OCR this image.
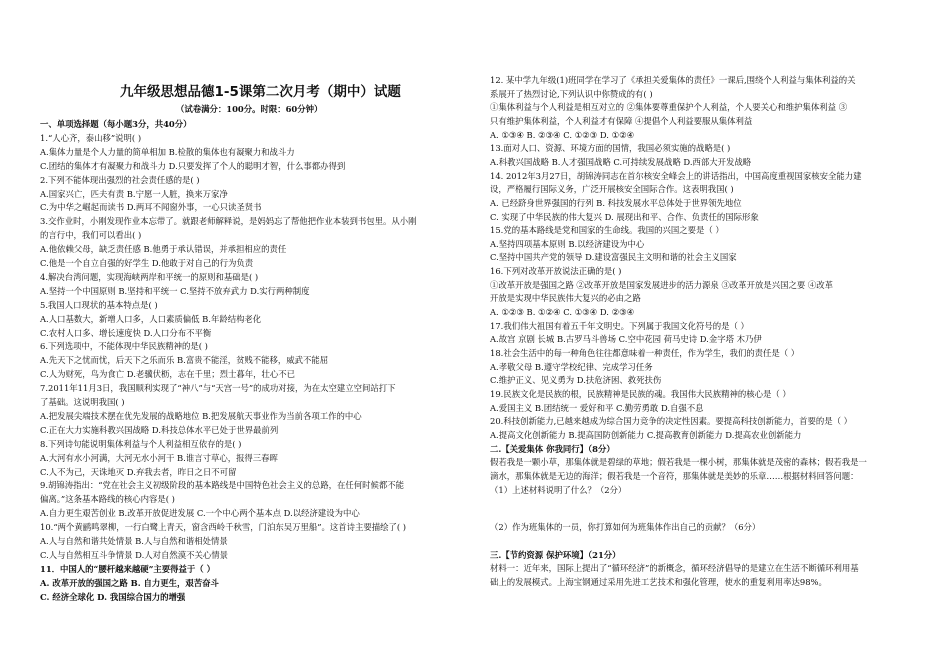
九年级思想品德1-5课第二次月考（期中）试题
（试卷满分：100分。时限：60分钟）
一、单项选择题（每小题3分，共40分）
1.“人心齐，泰山移”说明( )
A.集体力量是个人力量的简单相加 B.检散的集体也有凝聚力和战斗力
C.团结的集体才有凝聚力和战斗力 D.只要发挥了个人的聪明才智，什么事都办得到
2.下列不能体现出强烈的社会责任感的是( )
A.国家兴亡，匹夫有责 B.宁愿一人脏，换来万家净
C.为中华之崛起而读书 D.两耳不闻窗外事，一心只读圣贤书
3.交作业时，小刚发现作业本忘带了。就跟老师解释说，是妈妈忘了帮他把作业本装到书包里。从小刚
的言行中，我们可以看出( )
A.他依赖父母，缺乏责任感 B.他勇于承认错误，并承担相应的责任
C.他是一个自立自强的好学生 D.他敢于对自己的行为负责
4.解决台湾问题，实现海峡两岸和平统一的原则和基础是( )
A.坚持一个中国原则 B.坚持和平统一 C.坚持不放弃武力 D.实行两种制度
5.我国人口现状的基本特点是( )
A.人口基数大，新增人口多，人口素质偏低 B.年龄结构老化
C.农村人口多、增长速度快 D.人口分布不平衡
6.下列选项中，不能体现中华民族精神的是( )
A.先天下之忧而忧，后天下之乐而乐 B.富贵不能淫，贫贱不能移，威武不能屈
C.人为财死，鸟为食亡 D.老骥伏枥，志在千里；烈士暮年，壮心不已
7.2011年11月3日，我国顺利实现了“神八”与“天宫一号”的成功对接，为在太空建立空间站打下
了基础。这说明我国( )
A.把发展尖端技术摆在优先发展的战略地位 B.把发展航天事业作为当前各项工作的中心
C.正在大力实施科教兴国战略 D.科技总体水平已处于世界最前列
8.下列诗句能说明集体利益与个人利益相互依存的是( )
A.大河有水小河满，大河无水小河干 B.谁言寸草心，报得三春晖
C.人不为己，天诛地灭 D.弃我去者，昨日之日不可留
9.胡锦涛指出：“党在社会主义初级阶段的基本路线是中国特色社会主义的总路，在任何时候都不能
偏离。”这条基本路线的核心内容是( )
A.自力更生艰苦创业 B.改革开放促进发展 C.一个中心两个基本点 D.以经济建设为中心
10.“两个黄鹂鸣翠柳，一行白鹭上青天，窗含西岭千秋雪，门泊东吴万里船”。这首诗主要描绘了( )
A.人与自然和谐共处情景 B.人与自然和谐相处情景
C.人与自然相互斗争情景 D.人对自然漠不关心情景
11．中国人的“腰杆越来越硬”主要得益于（ ）
A. 改革开放的强国之路 B. 自力更生，艰苦奋斗
C. 经济全球化 D. 我国综合国力的增强
12. 某中学九年级(1)班同学在学习了《承担关爱集体的责任》一课后,围绕个人利益与集体利益的关
系展开了热烈讨论,下列认识中你赞成的有( )
①集体利益与个人利益是相互对立的 ②集体要尊重保护个人利益，个人要关心和维护集体利益 ③
只有维护集体利益，个人利益才有保障 ④提倡个人利益要服从集体利益
A. ①③④ B. ②③④ C. ①②③ D. ①②④
13.面对人口、资源、环境方面的国情，我国必须实施的战略是( )
A.科教兴国战略 B.人才强国战略 C.可持续发展战略 D.西部大开发战略
14. 2012年3月27日，胡锦涛同志在首尔核安全峰会上的讲话指出，中国高度重视国家核安全能力建
设，严格履行国际义务，广泛开展核安全国际合作。这表明我国( )
A. 已经跻身世界强国的行列 B. 科技发展水平总体处于世界领先地位
C. 实现了中华民族的伟大复兴 D. 展现出和平、合作、负责任的国际形象
15.党的基本路线是党和国家的生命线。我国的兴国之要是（ ）
A.坚持四项基本原则 B.以经济建设为中心
C.坚持中国共产党的领导 D.建设富强民主文明和谐的社会主义国家
16.下列对改革开放说法正确的是( )
①改革开放是强国之路 ②改革开放是国家发展进步的活力源泉 ③改革开放是兴国之要 ④改革
开放是实现中华民族伟大复兴的必由之路
A. ①②③ B. ①②④ C. ①③④ D. ②③④
17.我们伟大祖国有着五千年文明史。下列属于我国文化符号的是（ ）
A.故宫 京剧 长城 B.古罗马斗兽场 C.空中花园 荷马史诗 D.金字塔 木乃伊
18.社会生活中的每一种角色往往都意味着一种责任，作为学生，我们的责任是（ ）
A.孝敬父母 B.遵守学校纪律、完成学习任务
C.维护正义、见义勇为 D.扶危济困、救死扶伤
19.民族文化是民族的根，民族精神是民族的魂。我国伟大民族精神的核心是（ ）
A.爱国主义 B.团结统一 爱好和平 C.勤劳勇敢 D.自强不息
20.科技创新能力,已越来越成为综合国力竞争的决定性因素。要提高科技创新能力，首要的是（ ）
A.提高文化创新能力 B.提高国防创新能力 C.提高教育创新能力 D.提高农业创新能力
二.【关爱集体 你我同行】（8分）
假若我是一颗小草，那集体就是碧绿的草地；假若我是一棵小树，那集体就是茂密的森林；假若我是一
滴水，那集体就是无边的海洋；假若我是一个音符，那集体就是美妙的乐章……根据材料回答问题：
（1）上述材料说明了什么？（2分）
（2）作为班集体的一员，你打算如何为班集体作出自己的贡献？（6分）
三.【节约资源 保护环境】（21分）
材料一：近年来，国际上提出了“循环经济”的新概念，循环经济倡导的是建立在生活不断循环利用基
础上的发展模式。上海宝钢通过采用先进工艺技术和强化管理，使水的重复利用率达98%。
